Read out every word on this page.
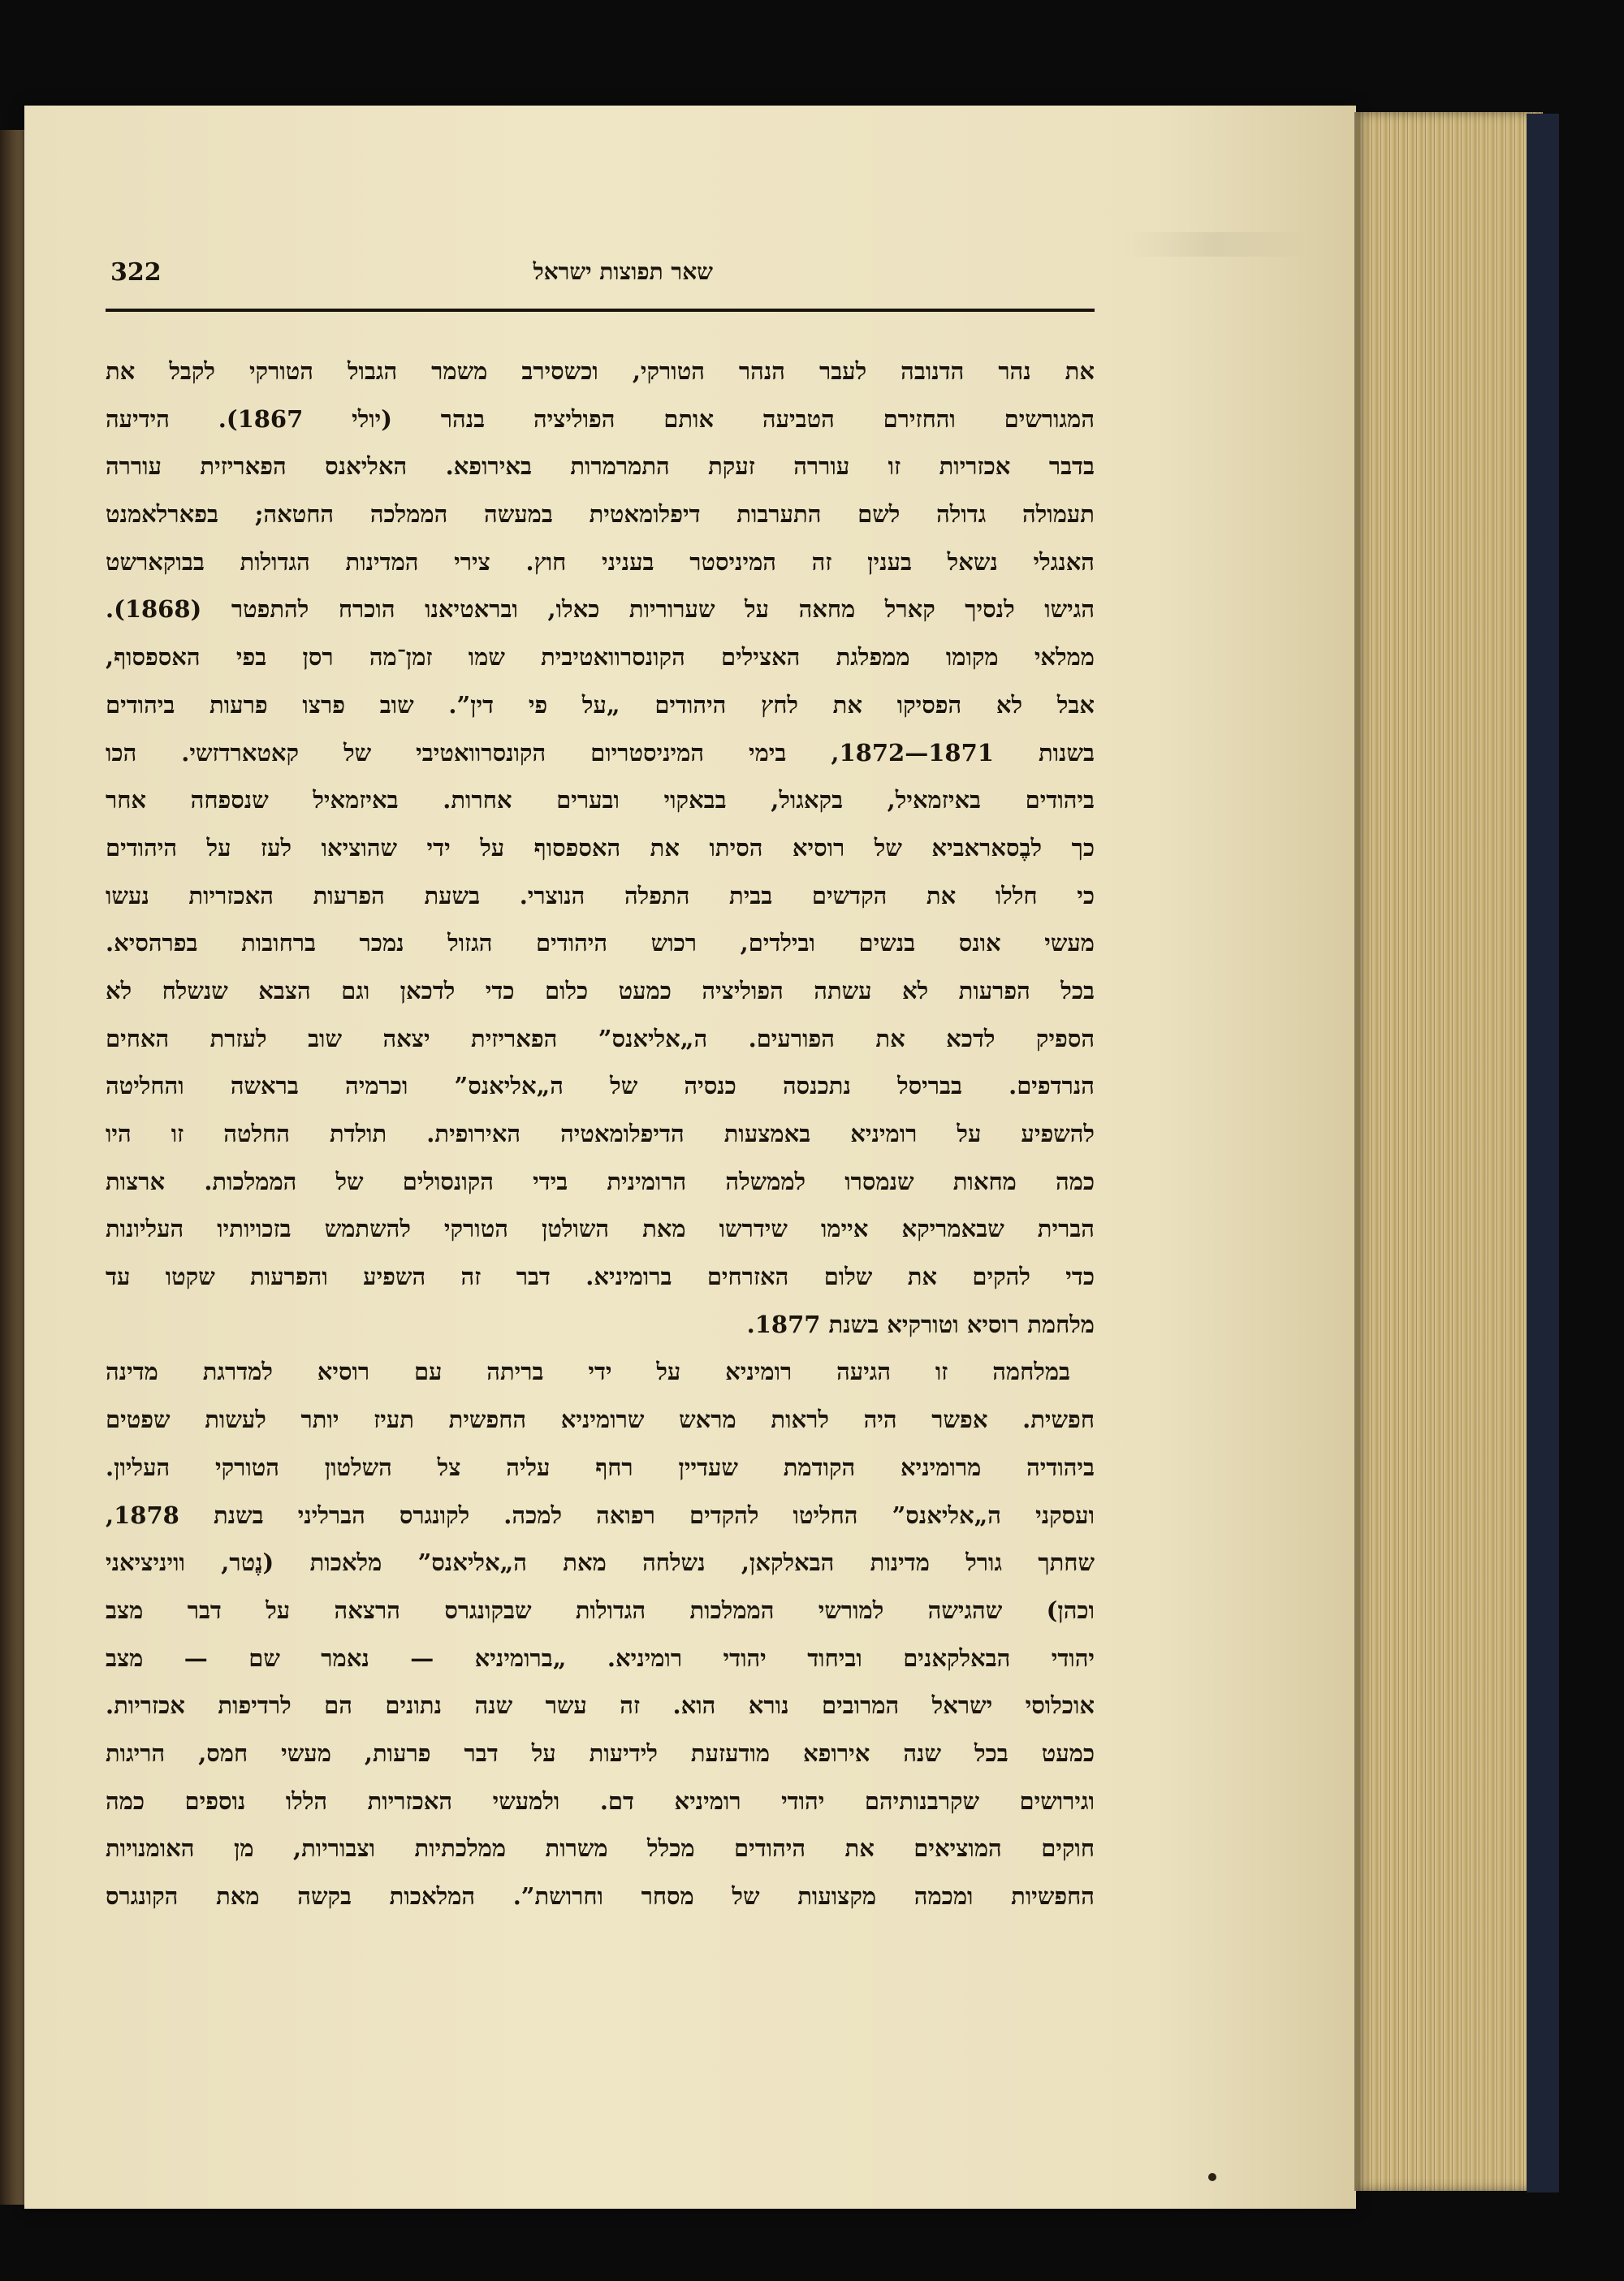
322	שאר תפוצות ישראל
את נהר הדנובה לעבר הנהר הטורקי, וכשסירב משמר הגבול הטורקי לקבל את
המגורשים והחזירם הטביעה אותם הפוליציה בנהר (יולי 1867). הידיעה
בדבר אכזריות זו עוררה זעקת התמרמרות באירופא. האליאנס הפאריזית עוררה
תעמולה גדולה לשם התערבות דיפלומאטית במעשה הממלכה החטאה; בפארלאמנט
האנגלי נשאל בענין זה המיניסטר בעניני חוץ. צירי המדינות הגדולות בבוקארשט
הגישו לנסיך קארל מחאה על שערוריות כאלו, ובראטיאנו הוכרח להתפטר (1868).
ממלאי מקומו ממפלגת האצילים הקונסרוואטיבית שמו זמן־מה רסן בפי האספסוף,
אבל לא הפסיקו את לחץ היהודים „על פי דין”. שוב פרצו פרעות ביהודים
בשנות 1871—1872, בימי המיניסטריום הקונסרוואטיבי של קאטארדזשי. הכו
ביהודים באיזמאיל, בקאגול, בבאקוי ובערים אחרות. באיזמאיל שנספחה אחר
כך לבֶסאראביא של רוסיא הסיתו את האספסוף על ידי שהוציאו לעז על היהודים
כי חללו את הקדשים בבית התפלה הנוצרי. בשעת הפרעות האכזריות נעשו
מעשי אונס בנשים ובילדים, רכוש היהודים הגזול נמכר ברחובות בפרהסיא.
בכל הפרעות לא עשתה הפוליציה כמעט כלום כדי לדכאן וגם הצבא שנשלח לא
הספיק לדכא את הפורעים. ה„אליאנס” הפאריזית יצאה שוב לעזרת האחים
הנרדפים. בבריסל נתכנסה כנסיה של ה„אליאנס” וכרמיה בראשה והחליטה
להשפיע על רומיניא באמצעות הדיפלומאטיה האירופית. תולדת החלטה זו היו
כמה מחאות שנמסרו לממשלה הרומינית בידי הקונסולים של הממלכות. ארצות
הברית שבאמריקא איימו שידרשו מאת השולטן הטורקי להשתמש בזכויותיו העליונות
כדי להקים את שלום האזרחים ברומיניא. דבר זה השפיע והפרעות שקטו עד
מלחמת רוסיא וטורקיא בשנת 1877.
במלחמה זו הגיעה רומיניא על ידי בריתה עם רוסיא למדרגת מדינה
חפשית. אפשר היה לראות מראש שרומיניא החפשית תעיז יותר לעשות שפטים
ביהודיה מרומיניא הקודמת שעדיין רחף עליה צל השלטון הטורקי העליון.
ועסקני ה„אליאנס” החליטו להקדים רפואה למכה. לקונגרס הברליני בשנת 1878,
שחתך גורל מדינות הבאלקאן, נשלחה מאת ה„אליאנס” מלאכות (נֶטר, וויניציאני
וכהן) שהגישה למורשי הממלכות הגדולות שבקונגרס הרצאה על דבר מצב
יהודי הבאלקאנים וביחוד יהודי רומיניא. „ברומיניא — נאמר שם — מצב
אוכלוסי ישראל המרובים נורא הוא. זה עשר שנה נתונים הם לרדיפות אכזריות.
כמעט בכל שנה אירופא מודעזעת לידיעות על דבר פרעות, מעשי חמס, הריגות
וגירושים שקרבנותיהם יהודי רומיניא דם. ולמעשי האכזריות הללו נוספים כמה
חוקים המוציאים את היהודים מכלל משרות ממלכתיות וצבוריות, מן האומנויות
החפשיות ומכמה מקצועות של מסחר וחרושת”. המלאכות בקשה מאת הקונגרס
